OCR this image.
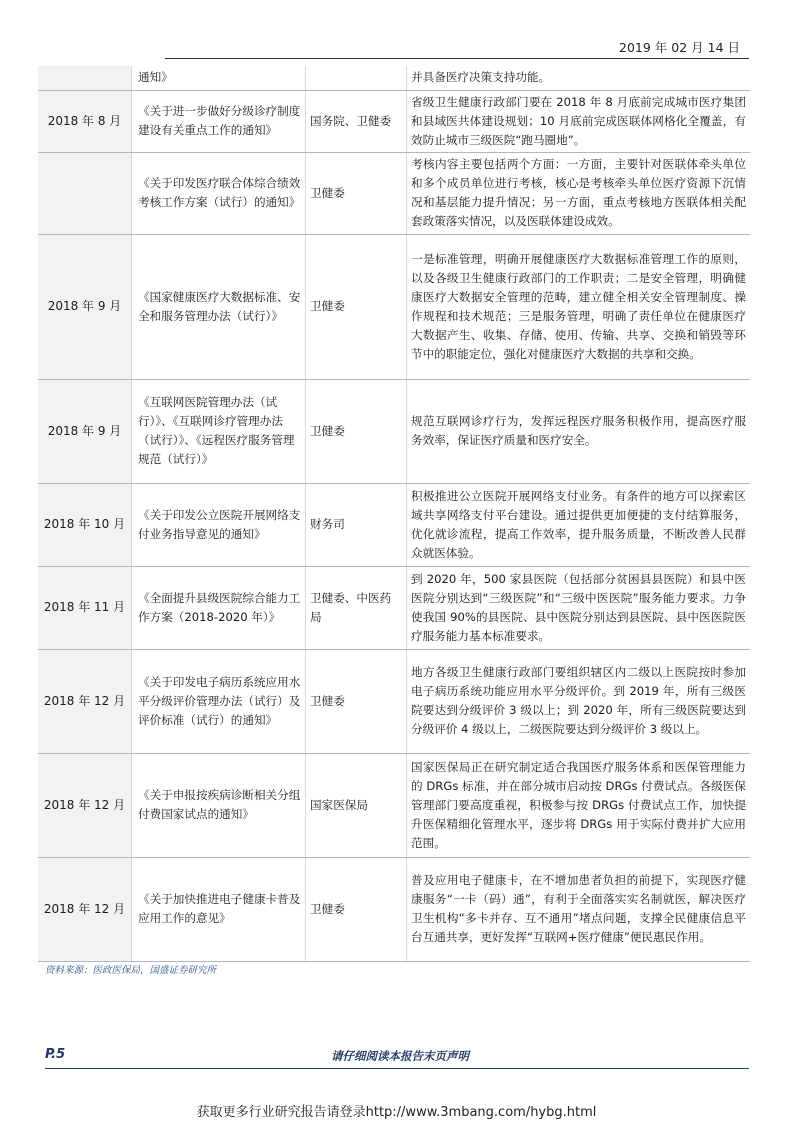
2019 年 02 月 14 日
	通知》		并具备医疗决策支持功能。
2018 年 8 月	《关于进一步做好分级诊疗制度建设有关重点工作的通知》	国务院、卫健委	省级卫生健康行政部门要在 2018 年 8 月底前完成城市医疗集团和县域医共体建设规划；10 月底前完成医联体网格化全覆盖，有效防止城市三级医院“跑马圈地”。
	《关于印发医疗联合体综合绩效考核工作方案（试行）的通知》	卫健委	考核内容主要包括两个方面：一方面，主要针对医联体牵头单位和多个成员单位进行考核，核心是考核牵头单位医疗资源下沉情况和基层能力提升情况；另一方面，重点考核地方医联体相关配套政策落实情况，以及医联体建设成效。
2018 年 9 月	《国家健康医疗大数据标准、安全和服务管理办法（试行）》	卫健委	一是标准管理，明确开展健康医疗大数据标准管理工作的原则，以及各级卫生健康行政部门的工作职责；二是安全管理，明确健康医疗大数据安全管理的范畴，建立健全相关安全管理制度、操作规程和技术规范；三是服务管理，明确了责任单位在健康医疗大数据产生、收集、存储、使用、传输、共享、交换和销毁等环节中的职能定位，强化对健康医疗大数据的共享和交换。
2018 年 9 月	《互联网医院管理办法（试行）》、《互联网诊疗管理办法（试行）》、《远程医疗服务管理规范（试行）》	卫健委	规范互联网诊疗行为，发挥远程医疗服务积极作用，提高医疗服务效率，保证医疗质量和医疗安全。
2018 年 10 月	《关于印发公立医院开展网络支付业务指导意见的通知》	财务司	积极推进公立医院开展网络支付业务。有条件的地方可以探索区域共享网络支付平台建设。通过提供更加便捷的支付结算服务，优化就诊流程，提高工作效率，提升服务质量，不断改善人民群众就医体验。
2018 年 11 月	《全面提升县级医院综合能力工作方案（2018-2020 年）》	卫健委、中医药局	到 2020 年，500 家县医院（包括部分贫困县县医院）和县中医医院分别达到“三级医院”和“三级中医医院”服务能力要求。力争使我国 90%的县医院、县中医院分别达到县医院、县中医医院医疗服务能力基本标准要求。
2018 年 12 月	《关于印发电子病历系统应用水平分级评价管理办法（试行）及评价标准（试行）的通知》	卫健委	地方各级卫生健康行政部门要组织辖区内二级以上医院按时参加电子病历系统功能应用水平分级评价。到 2019 年，所有三级医院要达到分级评价 3 级以上；到 2020 年，所有三级医院要达到分级评价 4 级以上，二级医院要达到分级评价 3 级以上。
2018 年 12 月	《关于申报按疾病诊断相关分组付费国家试点的通知》	国家医保局	国家医保局正在研究制定适合我国医疗服务体系和医保管理能力的 DRGs 标准，并在部分城市启动按 DRGs 付费试点。各级医保管理部门要高度重视，积极参与按 DRGs 付费试点工作，加快提升医保精细化管理水平，逐步将 DRGs 用于实际付费并扩大应用范围。
2018 年 12 月	《关于加快推进电子健康卡普及应用工作的意见》	卫健委	普及应用电子健康卡，在不增加患者负担的前提下，实现医疗健康服务“一卡（码）通”，有利于全面落实实名制就医，解决医疗卫生机构“多卡并存、互不通用”堵点问题，支撑全民健康信息平台互通共享，更好发挥“互联网+医疗健康”便民惠民作用。
资料来源：医政医保局，国盛证券研究所
P.5	请仔细阅读本报告末页声明
获取更多行业研究报告请登录http://www.3mbang.com/hybg.html
